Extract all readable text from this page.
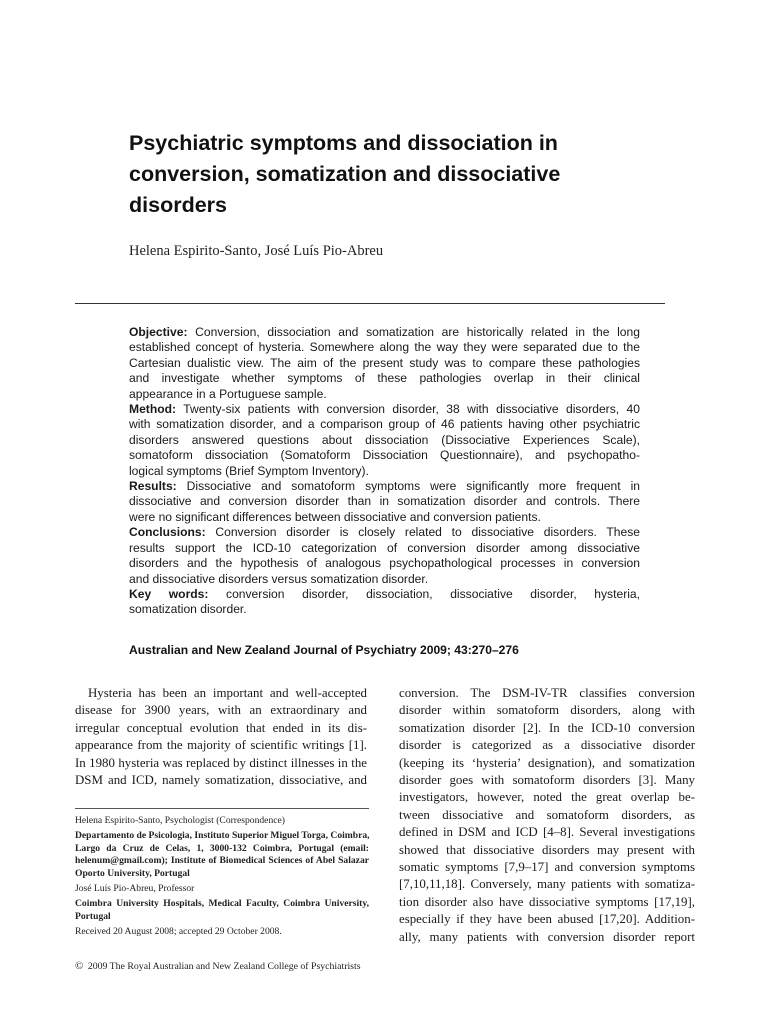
Psychiatric symptoms and dissociation in
conversion, somatization and dissociative
disorders
Helena Espirito-Santo, José Luís Pio-Abreu
Objective: Conversion, dissociation and somatization are historically related in the long
established concept of hysteria. Somewhere along the way they were separated due to the
Cartesian dualistic view. The aim of the present study was to compare these pathologies
and investigate whether symptoms of these pathologies overlap in their clinical
appearance in a Portuguese sample.
Method: Twenty-six patients with conversion disorder, 38 with dissociative disorders, 40
with somatization disorder, and a comparison group of 46 patients having other psychiatric
disorders answered questions about dissociation (Dissociative Experiences Scale),
somatoform dissociation (Somatoform Dissociation Questionnaire), and psychopatho-
logical symptoms (Brief Symptom Inventory).
Results: Dissociative and somatoform symptoms were significantly more frequent in
dissociative and conversion disorder than in somatization disorder and controls. There
were no significant differences between dissociative and conversion patients.
Conclusions: Conversion disorder is closely related to dissociative disorders. These
results support the ICD-10 categorization of conversion disorder among dissociative
disorders and the hypothesis of analogous psychopathological processes in conversion
and dissociative disorders versus somatization disorder.
Key words: conversion disorder, dissociation, dissociative disorder, hysteria,
somatization disorder.
Australian and New Zealand Journal of Psychiatry 2009; 43:270–276
Hysteria has been an important and well-accepted
disease for 3900 years, with an extraordinary and
irregular conceptual evolution that ended in its dis-
appearance from the majority of scientific writings [1].
In 1980 hysteria was replaced by distinct illnesses in the
DSM and ICD, namely somatization, dissociative, and
conversion. The DSM-IV-TR classifies conversion
disorder within somatoform disorders, along with
somatization disorder [2]. In the ICD-10 conversion
disorder is categorized as a dissociative disorder
(keeping its ‘hysteria’ designation), and somatization
disorder goes with somatoform disorders [3]. Many
investigators, however, noted the great overlap be-
tween dissociative and somatoform disorders, as
defined in DSM and ICD [4–8]. Several investigations
showed that dissociative disorders may present with
somatic symptoms [7,9–17] and conversion symptoms
[7,10,11,18]. Conversely, many patients with somatiza-
tion disorder also have dissociative symptoms [17,19],
especially if they have been abused [17,20]. Addition-
ally, many patients with conversion disorder report

Helena Espirito-Santo, Psychologist (Correspondence)

Departamento de Psicologia, Instituto Superior Miguel Torga, Coimbra,
Largo da Cruz de Celas, 1, 3000-132 Coimbra, Portugal (email:
helenum@gmail.com); Institute of Biomedical Sciences of Abel Salazar
Oporto University, Portugal

José Luís Pio-Abreu, Professor

Coimbra University Hospitals, Medical Faculty, Coimbra University,
Portugal

Received 20 August 2008; accepted 29 October 2008.

© 2009 The Royal Australian and New Zealand College of Psychiatrists
